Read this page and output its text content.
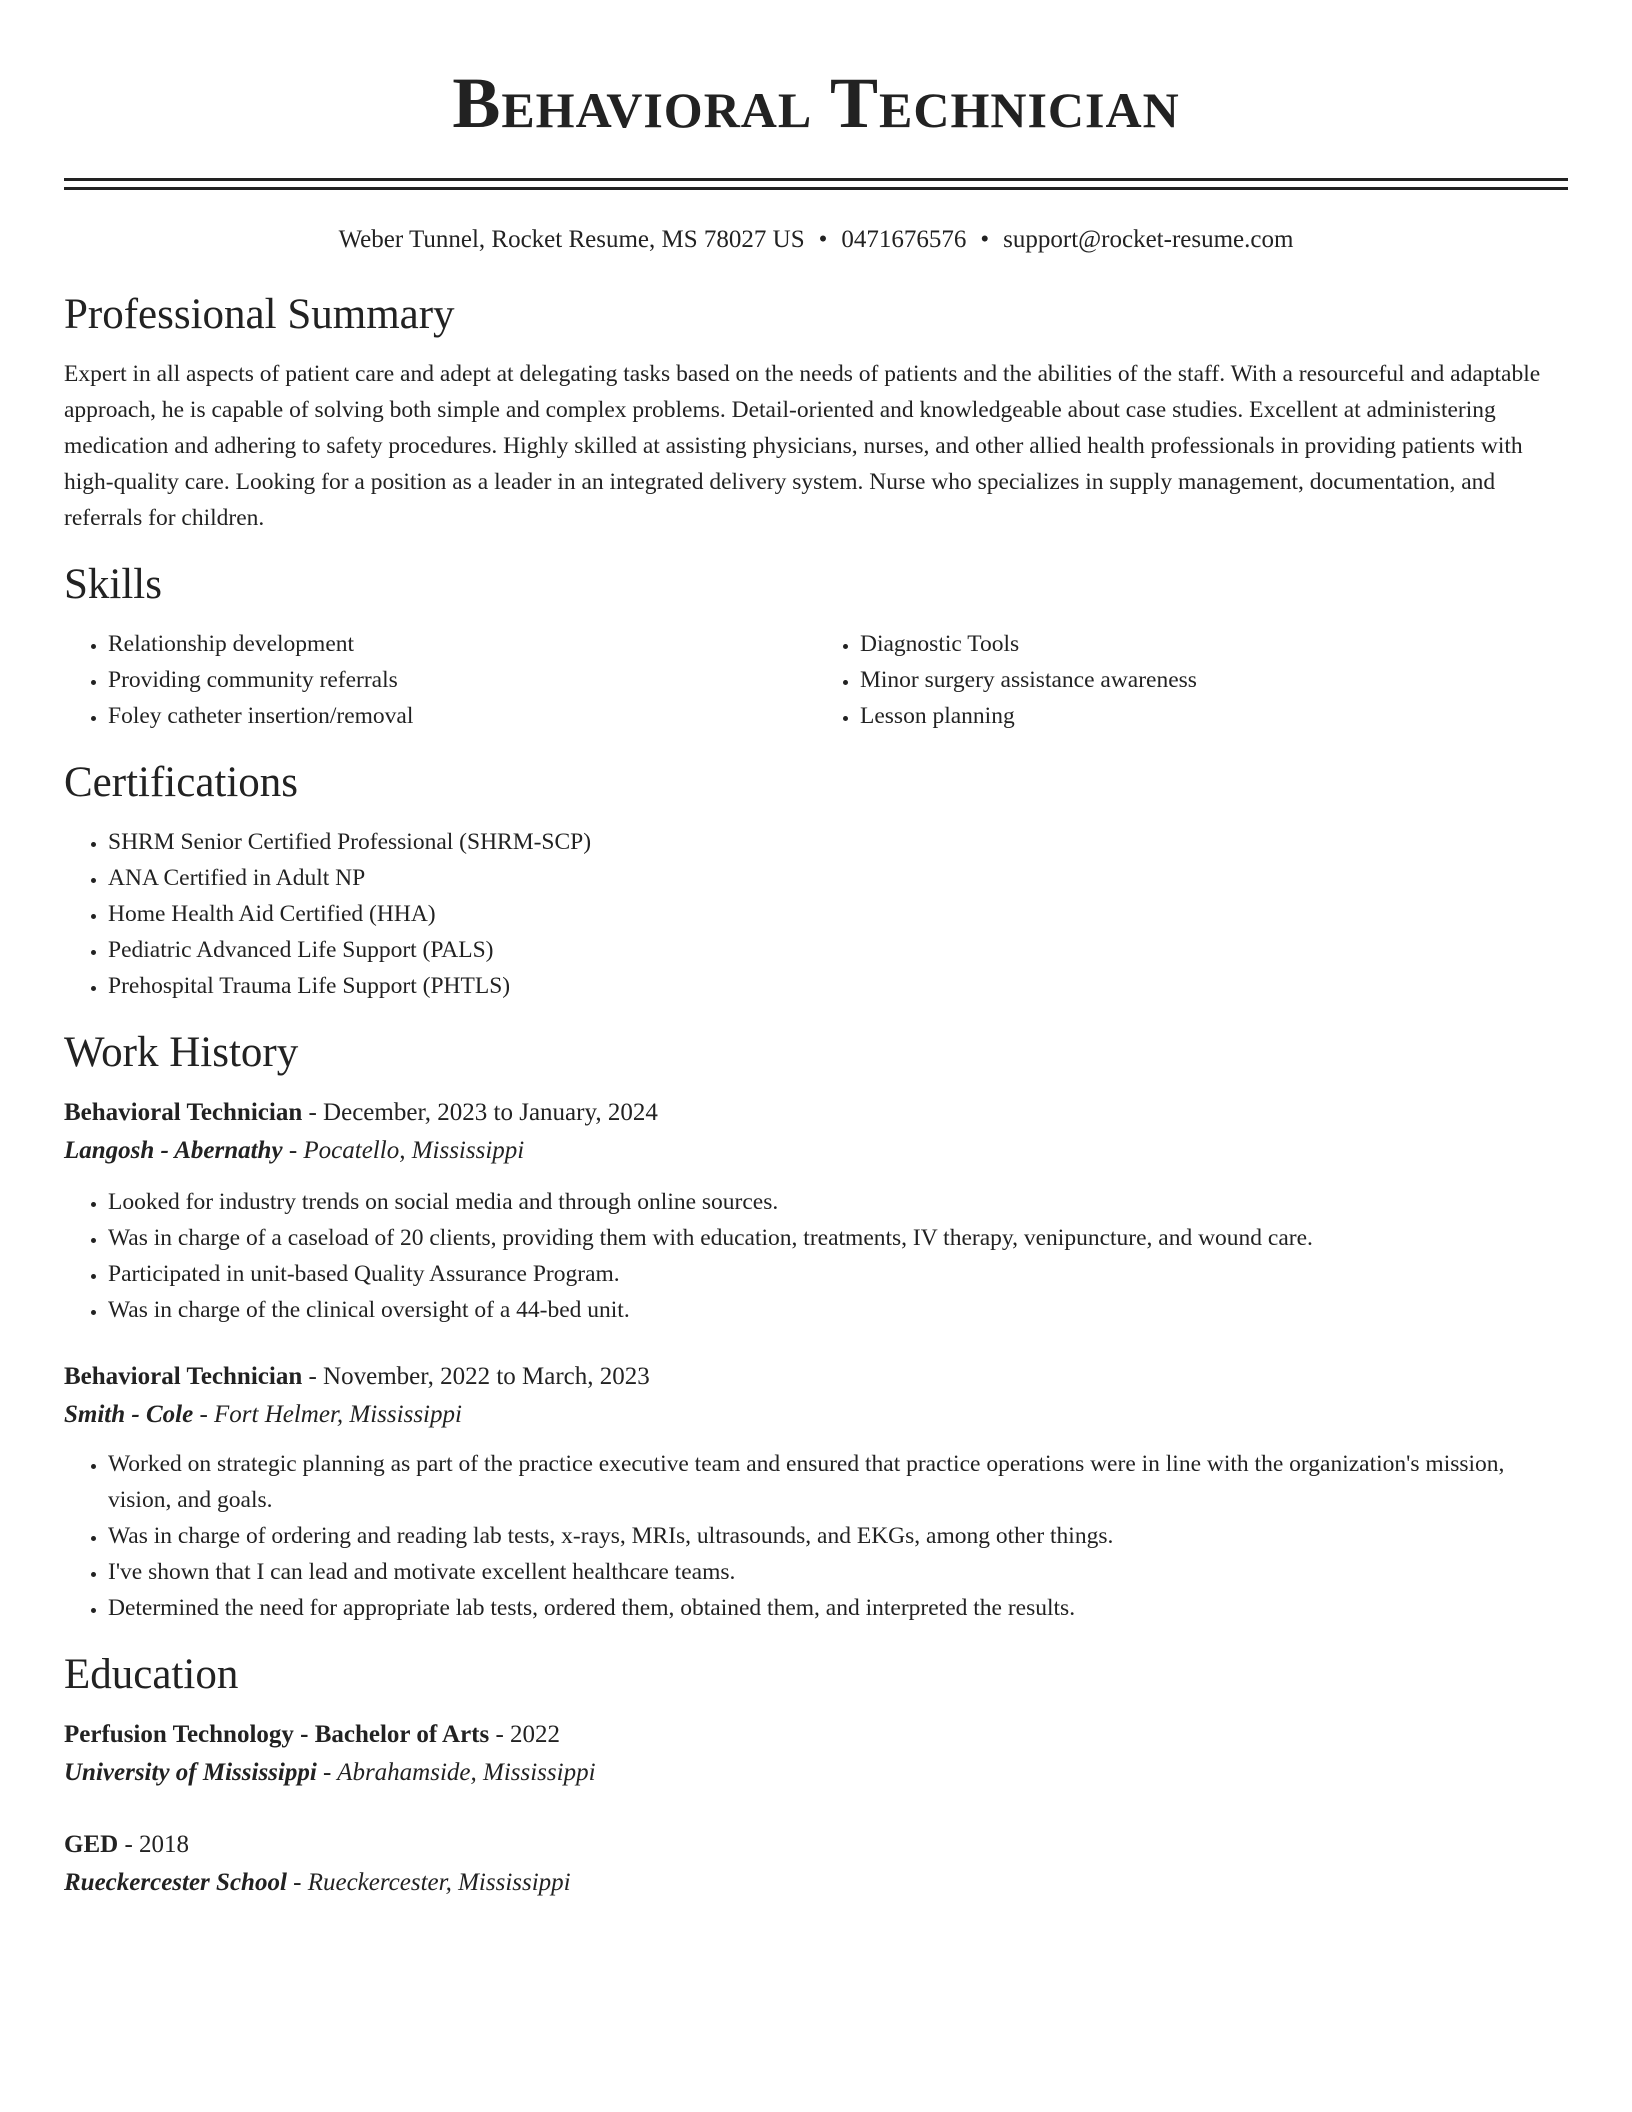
Behavioral Technician
Weber Tunnel, Rocket Resume, MS 78027 US • 0471676576 • support@rocket-resume.com
Professional Summary

Expert in all aspects of patient care and adept at delegating tasks based on the needs of patients and the abilities of the staff. With a resourceful and adaptable approach, he is capable of solving both simple and complex problems. Detail-oriented and knowledgeable about case studies. Excellent at administering medication and adhering to safety procedures. Highly skilled at assisting physicians, nurses, and other allied health professionals in providing patients with high-quality care. Looking for a position as a leader in an integrated delivery system. Nurse who specializes in supply management, documentation, and referrals for children.

Skills
• Relationship development
• Providing community referrals
• Foley catheter insertion/removal
• Diagnostic Tools
• Minor surgery assistance awareness
• Lesson planning
Certifications
• SHRM Senior Certified Professional (SHRM-SCP)
• ANA Certified in Adult NP
• Home Health Aid Certified (HHA)
• Pediatric Advanced Life Support (PALS)
• Prehospital Trauma Life Support (PHTLS)
Work History
Behavioral Technician - December, 2023 to January, 2024
Langosh - Abernathy - Pocatello, Mississippi
• Looked for industry trends on social media and through online sources.
• Was in charge of a caseload of 20 clients, providing them with education, treatments, IV therapy, venipuncture, and wound care.
• Participated in unit-based Quality Assurance Program.
• Was in charge of the clinical oversight of a 44-bed unit.
Behavioral Technician - November, 2022 to March, 2023
Smith - Cole - Fort Helmer, Mississippi
• Worked on strategic planning as part of the practice executive team and ensured that practice operations were in line with the organization's mission, vision, and goals.
• Was in charge of ordering and reading lab tests, x-rays, MRIs, ultrasounds, and EKGs, among other things.
• I've shown that I can lead and motivate excellent healthcare teams.
• Determined the need for appropriate lab tests, ordered them, obtained them, and interpreted the results.
Education
Perfusion Technology - Bachelor of Arts - 2022
University of Mississippi - Abrahamside, Mississippi
GED - 2018
Rueckercester School - Rueckercester, Mississippi
